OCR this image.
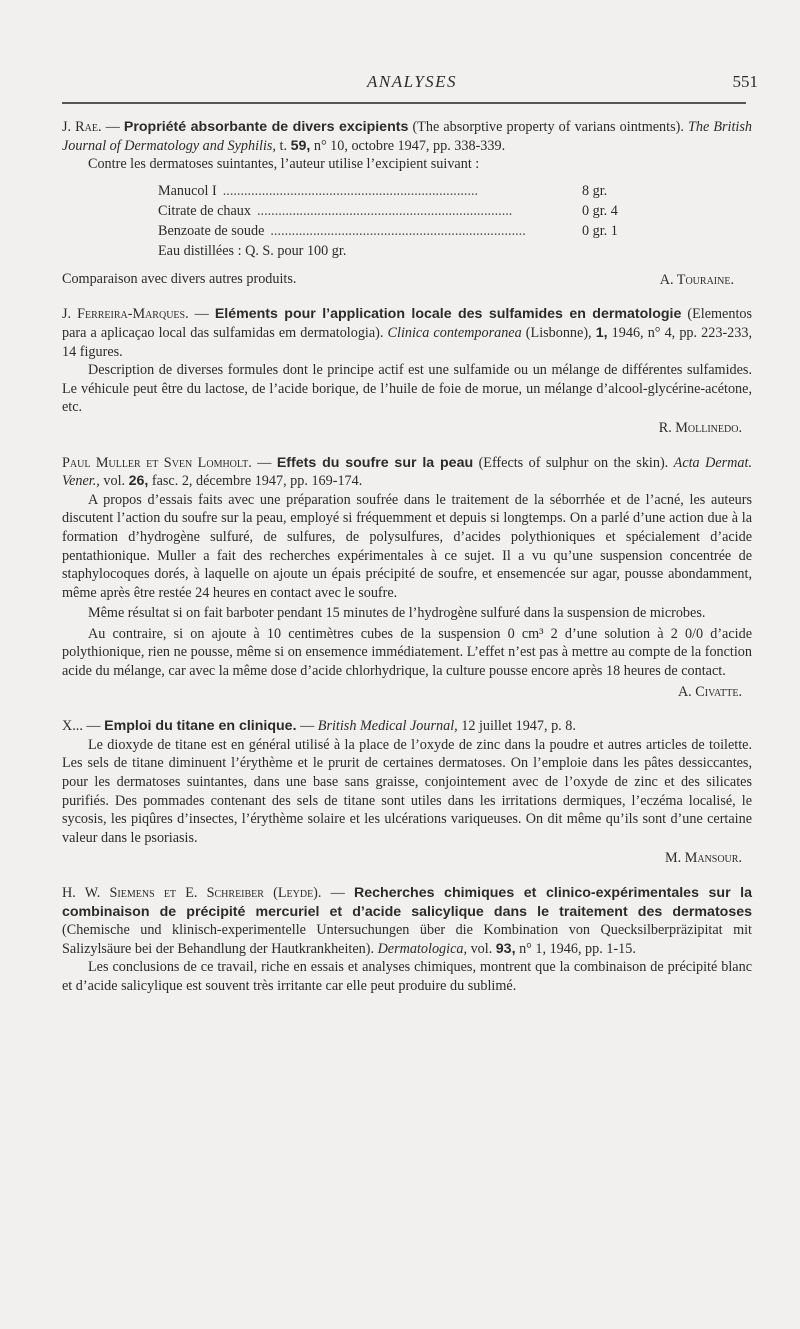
ANALYSES	551

J. Rae. — Propriété absorbante de divers excipients (The absorptive property of varians ointments). The British Journal of Dermatology and Syphilis, t. 59, n° 10, octobre 1947, pp. 338-339.

Contre les dermatoses suintantes, l’auteur utilise l’excipient suivant :

Manucol I ........................................................................	8 gr.
Citrate de chaux ........................................................................	0 gr. 4
Benzoate de soude ........................................................................	0 gr. 1
Eau distillées : Q. S. pour 100 gr.
Comparaison avec divers autres produits.	A. Touraine.

J. Ferreira-Marques. — Eléments pour l’application locale des sulfamides en dermatologie (Elementos para a aplicaçao local das sulfamidas em dermatologia). Clinica contemporanea (Lisbonne), 1, 1946, n° 4, pp. 223-233, 14 figures.

Description de diverses formules dont le principe actif est une sulfamide ou un mélange de différentes sulfamides. Le véhicule peut être du lactose, de l’acide borique, de l’huile de foie de morue, un mélange d’alcool-glycérine-acétone, etc.

R. Mollinedo.

Paul Muller et Sven Lomholt. — Effets du soufre sur la peau (Effects of sulphur on the skin). Acta Dermat. Vener., vol. 26, fasc. 2, décembre 1947, pp. 169-174.

A propos d’essais faits avec une préparation soufrée dans le traitement de la séborrhée et de l’acné, les auteurs discutent l’action du soufre sur la peau, employé si fréquemment et depuis si longtemps. On a parlé d’une action due à la formation d’hydrogène sulfuré, de sulfures, de polysulfures, d’acides polythioniques et spécialement d’acide pentathionique. Muller a fait des recherches expérimentales à ce sujet. Il a vu qu’une suspension concentrée de staphylocoques dorés, à laquelle on ajoute un épais précipité de soufre, et ensemencée sur agar, pousse abondamment, même après être restée 24 heures en contact avec le soufre.

Même résultat si on fait barboter pendant 15 minutes de l’hydrogène sulfuré dans la suspension de microbes.

Au contraire, si on ajoute à 10 centimètres cubes de la suspension 0 cm³ 2 d’une solution à 2 0/0 d’acide polythionique, rien ne pousse, même si on ensemence immédiatement. L’effet n’est pas à mettre au compte de la fonction acide du mélange, car avec la même dose d’acide chlorhydrique, la culture pousse encore après 18 heures de contact.

A. Civatte.

X... — Emploi du titane en clinique. — British Medical Journal, 12 juillet 1947, p. 8.

Le dioxyde de titane est en général utilisé à la place de l’oxyde de zinc dans la poudre et autres articles de toilette. Les sels de titane diminuent l’érythème et le prurit de certaines dermatoses. On l’emploie dans les pâtes dessiccantes, pour les dermatoses suintantes, dans une base sans graisse, conjointement avec de l’oxyde de zinc et des silicates purifiés. Des pommades contenant des sels de titane sont utiles dans les irritations dermiques, l’eczéma localisé, le sycosis, les piqûres d’insectes, l’érythème solaire et les ulcérations variqueuses. On dit même qu’ils sont d’une certaine valeur dans le psoriasis.

M. Mansour.

H. W. Siemens et E. Schreiber (Leyde). — Recherches chimiques et clinico-expérimentales sur la combinaison de précipité mercuriel et d’acide salicylique dans le traitement des dermatoses (Chemische und klinisch-experimentelle Untersuchungen über die Kombination von Quecksilberpräzipitat mit Salizylsäure bei der Behandlung der Hautkrankheiten). Dermatologica, vol. 93, n° 1, 1946, pp. 1-15.

Les conclusions de ce travail, riche en essais et analyses chimiques, montrent que la combinaison de précipité blanc et d’acide salicylique est souvent très irritante car elle peut produire du sublimé.
